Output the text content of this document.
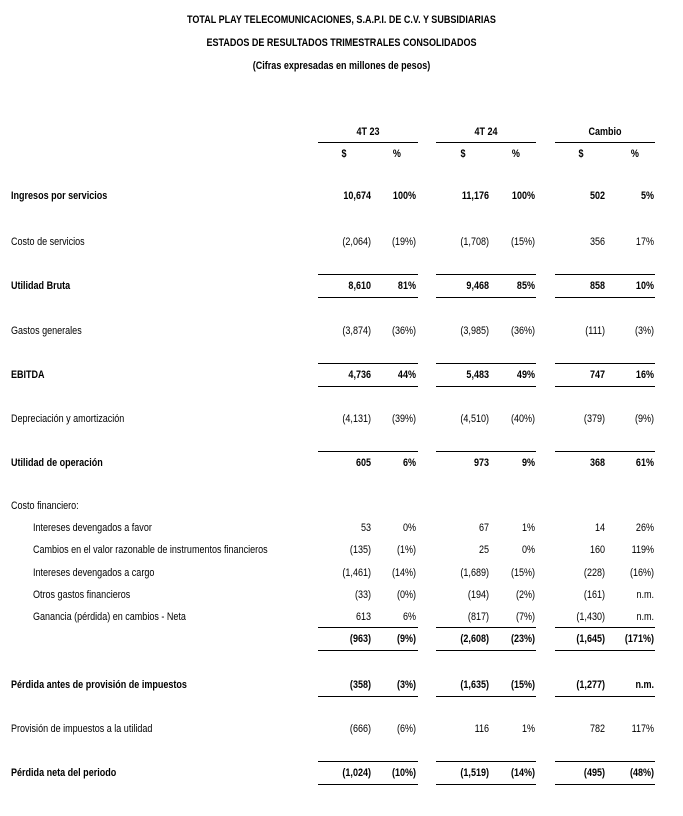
TOTAL PLAY TELECOMUNICACIONES, S.A.P.I. DE C.V. Y SUBSIDIARIAS
ESTADOS DE RESULTADOS TRIMESTRALES CONSOLIDADOS
(Cifras expresadas en millones de pesos)
4T 23	4T 24	Cambio
$	%	$	%	$	%
Ingresos por servicios	10,674	100%	11,176	100%	502	5%
Costo de servicios	(2,064)	(19%)	(1,708)	(15%)	356	17%
Utilidad Bruta	8,610	81%	9,468	85%	858	10%
Gastos generales	(3,874)	(36%)	(3,985)	(36%)	(111)	(3%)
EBITDA	4,736	44%	5,483	49%	747	16%
Depreciación y amortización	(4,131)	(39%)	(4,510)	(40%)	(379)	(9%)
Utilidad de operación	605	6%	973	9%	368	61%
Costo financiero:
Intereses devengados a favor	53	0%	67	1%	14	26%
Cambios en el valor razonable de instrumentos financieros	(135)	(1%)	25	0%	160	119%
Intereses devengados a cargo	(1,461)	(14%)	(1,689)	(15%)	(228)	(16%)
Otros gastos financieros	(33)	(0%)	(194)	(2%)	(161)	n.m.
Ganancia (pérdida) en cambios - Neta	613	6%	(817)	(7%)	(1,430)	n.m.
(963)	(9%)	(2,608)	(23%)	(1,645)	(171%)
Pérdida antes de provisión de impuestos	(358)	(3%)	(1,635)	(15%)	(1,277)	n.m.
Provisión de impuestos a la utilidad	(666)	(6%)	116	1%	782	117%
Pérdida neta del periodo	(1,024)	(10%)	(1,519)	(14%)	(495)	(48%)
